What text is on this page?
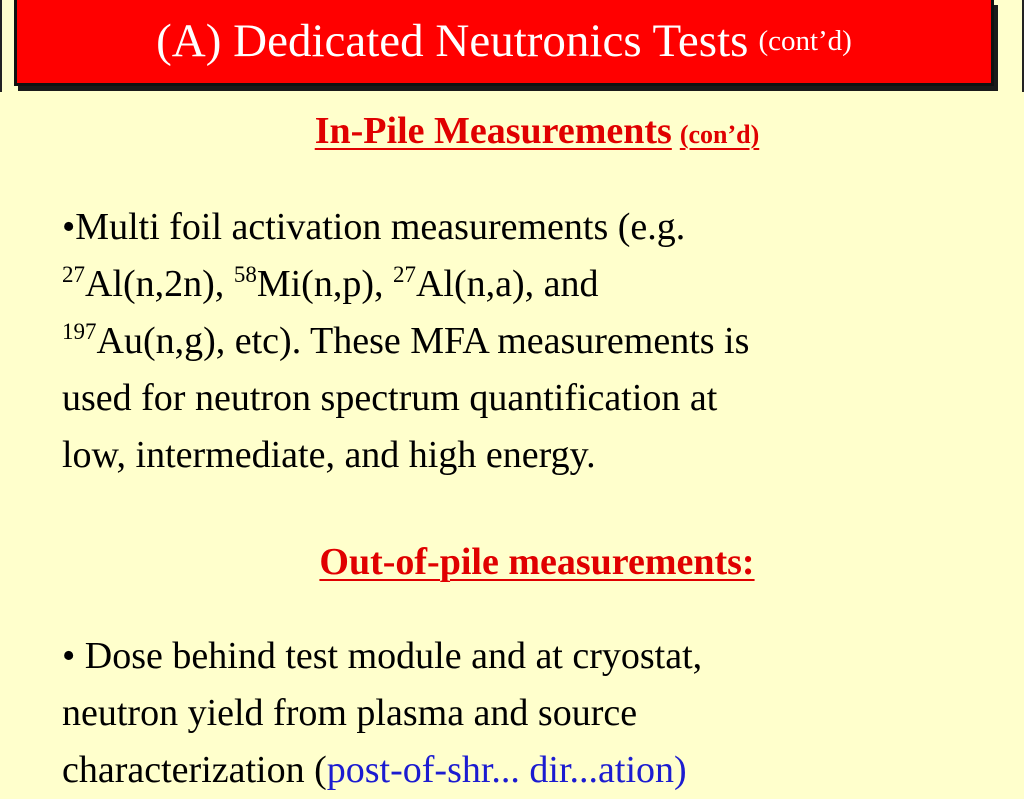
(A) Dedicated Neutronics Tests (cont’d)
In-Pile Measurements (con’d)
•Multi foil activation measurements (e.g.
$^{27}$Al(n,2n), $^{58}$Mi(n,p), $^{27}$Al(n,a), and
$^{197}$Au(n,g), etc). These MFA measurements is
used for neutron spectrum quantification at
low, intermediate, and high energy.
Out-of-pile measurements:
• Dose behind test module and at cryostat,
neutron yield from plasma and source
characterization (post-of-shr... dir...ation)
